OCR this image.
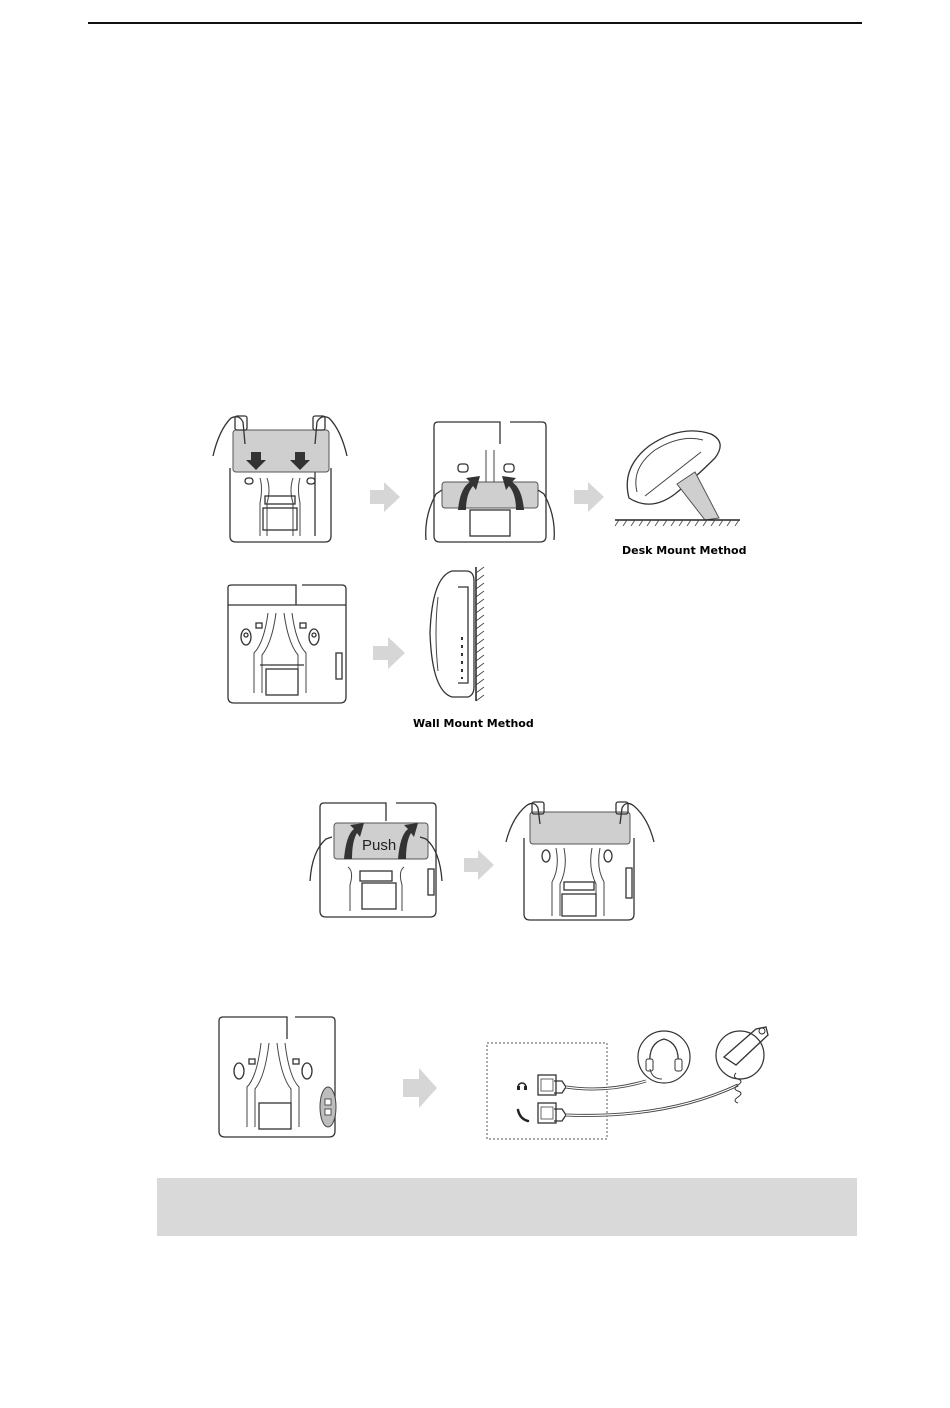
Desk Mount Method
Wall Mount Method
Push
